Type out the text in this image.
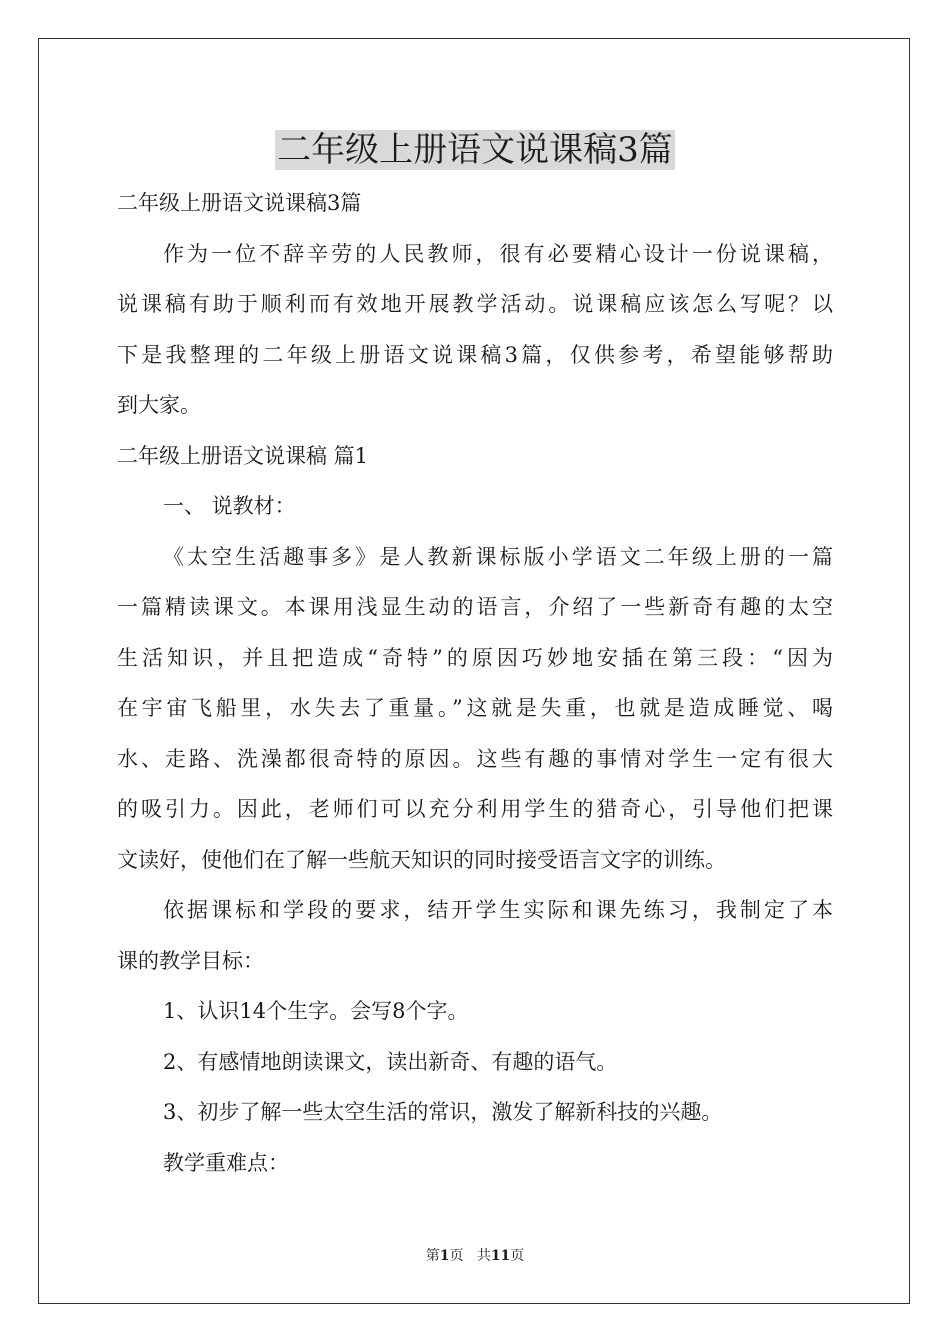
二年级上册语文说课稿3篇
二年级上册语文说课稿3篇
作为一位不辞辛劳的人民教师，很有必要精心设计一份说课稿，
说课稿有助于顺利而有效地开展教学活动。说课稿应该怎么写呢？以
下是我整理的二年级上册语文说课稿3篇，仅供参考，希望能够帮助
到大家。
二年级上册语文说课稿 篇1
一、 说教材：
《太空生活趣事多》是人教新课标版小学语文二年级上册的一篇
一篇精读课文。本课用浅显生动的语言，介绍了一些新奇有趣的太空
生活知识，并且把造成“奇特”的原因巧妙地安插在第三段：“因为
在宇宙飞船里，水失去了重量。”这就是失重，也就是造成睡觉、喝
水、走路、洗澡都很奇特的原因。这些有趣的事情对学生一定有很大
的吸引力。因此，老师们可以充分利用学生的猎奇心，引导他们把课
文读好，使他们在了解一些航天知识的同时接受语言文字的训练。
依据课标和学段的要求，结开学生实际和课先练习，我制定了本
课的教学目标：
1、认识14个生字。会写8个字。
2、有感情地朗读课文，读出新奇、有趣的语气。
3、初步了解一些太空生活的常识，激发了解新科技的兴趣。
教学重难点：
第1页 共11页
